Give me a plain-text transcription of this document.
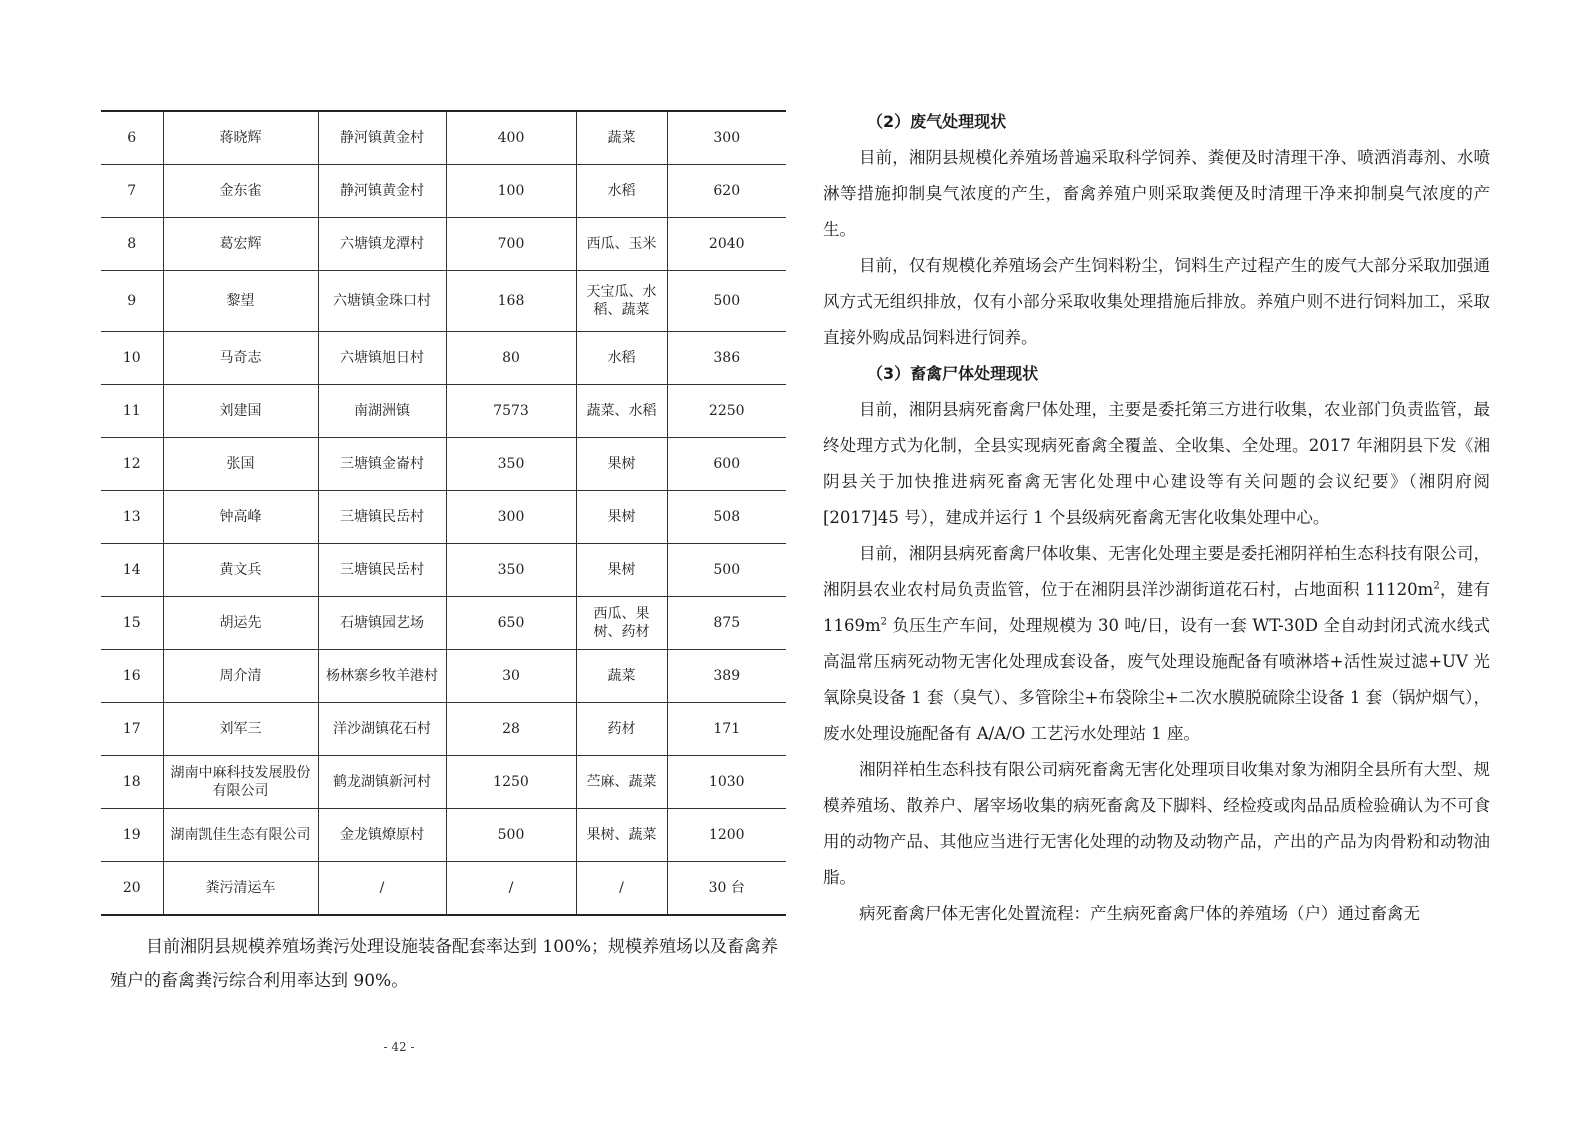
6	蒋晓辉	静河镇黄金村	400	蔬菜	300
7	金东雀	静河镇黄金村	100	水稻	620
8	葛宏辉	六塘镇龙潭村	700	西瓜、玉米	2040
9	黎望	六塘镇金珠口村	168	天宝瓜、水稻、蔬菜	500
10	马奇志	六塘镇旭日村	80	水稻	386
11	刘建国	南湖洲镇	7573	蔬菜、水稻	2250
12	张国	三塘镇金崙村	350	果树	600
13	钟高峰	三塘镇民岳村	300	果树	508
14	黄文兵	三塘镇民岳村	350	果树	500
15	胡运先	石塘镇园艺场	650	西瓜、果树、药材	875
16	周介清	杨林寨乡牧羊港村	30	蔬菜	389
17	刘军三	洋沙湖镇花石村	28	药材	171
18	湖南中麻科技发展股份有限公司	鹤龙湖镇新河村	1250	苎麻、蔬菜	1030
19	湖南凯佳生态有限公司	金龙镇燎原村	500	果树、蔬菜	1200
20	粪污清运车	/	/	/	30 台

目前湘阴县规模养殖场粪污处理设施装备配套率达到 100%；规模养殖场以及畜禽养殖户的畜禽粪污综合利用率达到 90%。

- 42 -

（2）废气处理现状

目前，湘阴县规模化养殖场普遍采取科学饲养、粪便及时清理干净、喷洒消毒剂、水喷淋等措施抑制臭气浓度的产生，畜禽养殖户则采取粪便及时清理干净来抑制臭气浓度的产生。

目前，仅有规模化养殖场会产生饲料粉尘，饲料生产过程产生的废气大部分采取加强通风方式无组织排放，仅有小部分采取收集处理措施后排放。养殖户则不进行饲料加工，采取直接外购成品饲料进行饲养。

（3）畜禽尸体处理现状

目前，湘阴县病死畜禽尸体处理，主要是委托第三方进行收集，农业部门负责监管，最终处理方式为化制，全县实现病死畜禽全覆盖、全收集、全处理。2017 年湘阴县下发《湘阴县关于加快推进病死畜禽无害化处理中心建设等有关问题的会议纪要》（湘阴府阅[2017]45 号），建成并运行 1 个县级病死畜禽无害化收集处理中心。

目前，湘阴县病死畜禽尸体收集、无害化处理主要是委托湘阴祥柏生态科技有限公司，湘阴县农业农村局负责监管，位于在湘阴县洋沙湖街道花石村，占地面积 $11120m^2$，建有 $1169m^2$ 负压生产车间，处理规模为 30 吨/日，设有一套 WT-30D 全自动封闭式流水线式高温常压病死动物无害化处理成套设备，废气处理设施配备有喷淋塔+活性炭过滤+UV 光氧除臭设备 1 套（臭气）、多管除尘+布袋除尘+二次水膜脱硫除尘设备 1 套（锅炉烟气），废水处理设施配备有 A/A/O 工艺污水处理站 1 座。

湘阴祥柏生态科技有限公司病死畜禽无害化处理项目收集对象为湘阴全县所有大型、规模养殖场、散养户、屠宰场收集的病死畜禽及下脚料、经检疫或肉品品质检验确认为不可食用的动物产品、其他应当进行无害化处理的动物及动物产品，产出的产品为肉骨粉和动物油脂。

病死畜禽尸体无害化处置流程：产生病死畜禽尸体的养殖场（户）通过畜禽无
